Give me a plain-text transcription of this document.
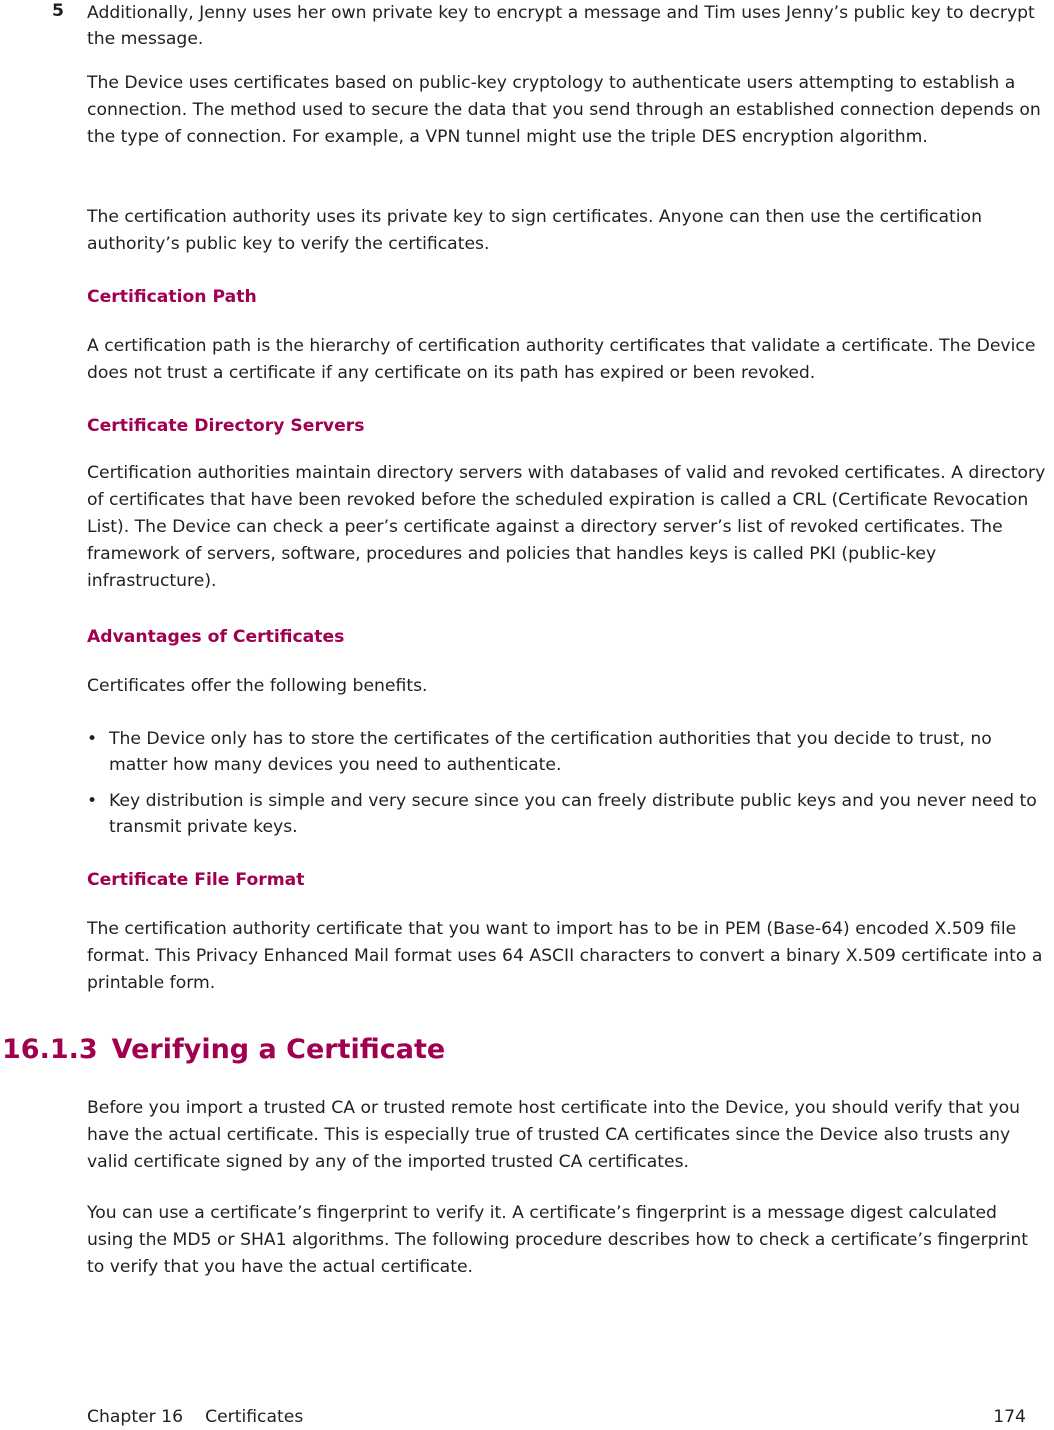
5 Additionally, Jenny uses her own private key to encrypt a message and Tim uses Jenny’s public key to decrypt the message.

The Device uses certificates based on public-key cryptology to authenticate users attempting to establish a connection. The method used to secure the data that you send through an established connection depends on the type of connection. For example, a VPN tunnel might use the triple DES encryption algorithm.

The certification authority uses its private key to sign certificates. Anyone can then use the certification authority’s public key to verify the certificates.

Certification Path

A certification path is the hierarchy of certification authority certificates that validate a certificate. The Device does not trust a certificate if any certificate on its path has expired or been revoked.

Certificate Directory Servers

Certification authorities maintain directory servers with databases of valid and revoked certificates. A directory of certificates that have been revoked before the scheduled expiration is called a CRL (Certificate Revocation List). The Device can check a peer’s certificate against a directory server’s list of revoked certificates. The framework of servers, software, procedures and policies that handles keys is called PKI (public-key infrastructure).

Advantages of Certificates

Certificates offer the following benefits.

• The Device only has to store the certificates of the certification authorities that you decide to trust, no matter how many devices you need to authenticate.
• Key distribution is simple and very secure since you can freely distribute public keys and you never need to transmit private keys.
Certificate File Format

The certification authority certificate that you want to import has to be in PEM (Base-64) encoded X.509 file format. This Privacy Enhanced Mail format uses 64 ASCII characters to convert a binary X.509 certificate into a printable form.

16.1.3 Verifying a Certificate

Before you import a trusted CA or trusted remote host certificate into the Device, you should verify that you have the actual certificate. This is especially true of trusted CA certificates since the Device also trusts any valid certificate signed by any of the imported trusted CA certificates.

You can use a certificate’s fingerprint to verify it. A certificate’s fingerprint is a message digest calculated using the MD5 or SHA1 algorithms. The following procedure describes how to check a certificate’s fingerprint to verify that you have the actual certificate.

Chapter 16 Certificates	174
